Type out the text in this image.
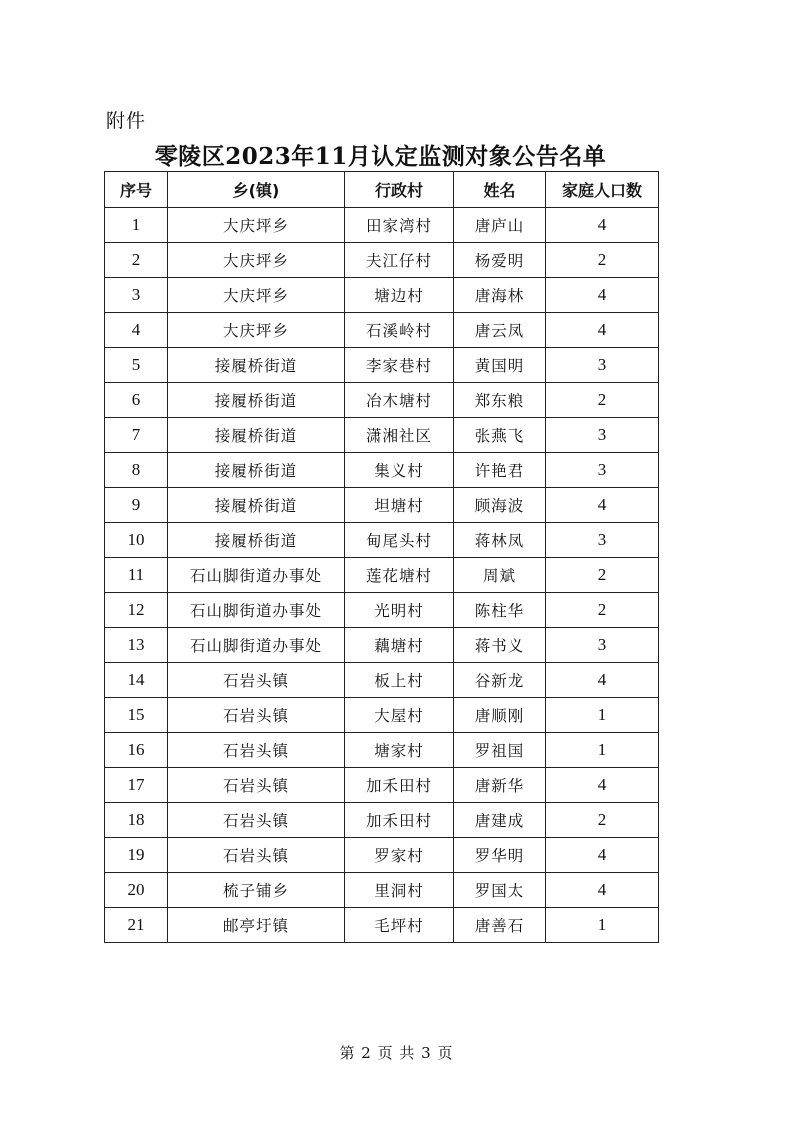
附件
零陵区2023年11月认定监测对象公告名单
序号	乡(镇)	行政村	姓名	家庭人口数
1	大庆坪乡	田家湾村	唐庐山	4
2	大庆坪乡	夫江仔村	杨爱明	2
3	大庆坪乡	塘边村	唐海林	4
4	大庆坪乡	石溪岭村	唐云凤	4
5	接履桥街道	李家巷村	黄国明	3
6	接履桥街道	冶木塘村	郑东粮	2
7	接履桥街道	潇湘社区	张燕飞	3
8	接履桥街道	集义村	许艳君	3
9	接履桥街道	坦塘村	顾海波	4
10	接履桥街道	甸尾头村	蒋林凤	3
11	石山脚街道办事处	莲花塘村	周斌	2
12	石山脚街道办事处	光明村	陈柱华	2
13	石山脚街道办事处	藕塘村	蒋书义	3
14	石岩头镇	板上村	谷新龙	4
15	石岩头镇	大屋村	唐顺刚	1
16	石岩头镇	塘家村	罗祖国	1
17	石岩头镇	加禾田村	唐新华	4
18	石岩头镇	加禾田村	唐建成	2
19	石岩头镇	罗家村	罗华明	4
20	梳子铺乡	里洞村	罗国太	4
21	邮亭圩镇	毛坪村	唐善石	1
第 2 页 共 3 页
